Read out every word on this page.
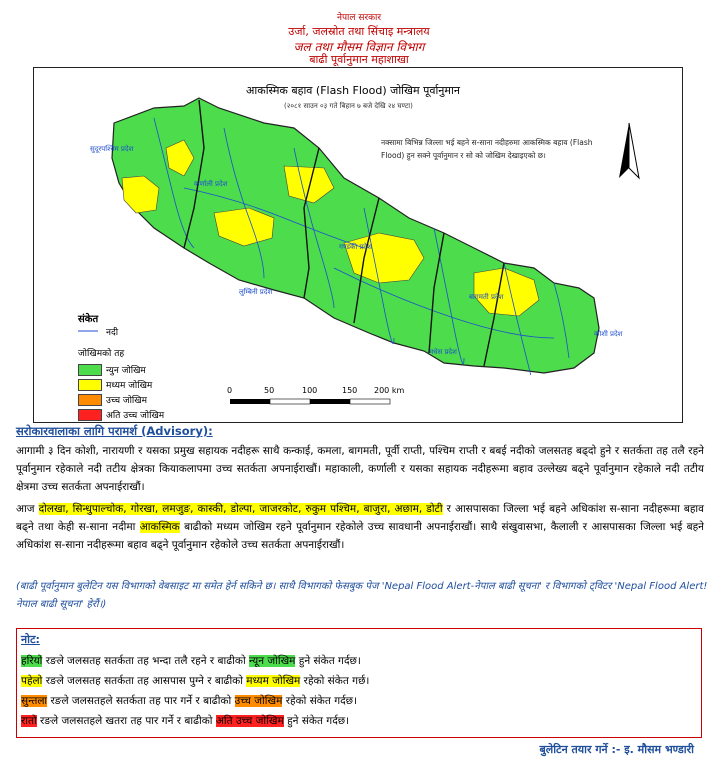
नेपाल सरकार
उर्जा, जलस्रोत तथा सिंचाइ मन्त्रालय
जल तथा मौसम विज्ञान विभाग
बाढी पूर्वानुमान महाशाखा
आकस्मिक बहाव (Flash Flood) जोखिम पूर्वानुमान
(२०८१ साउन ०३ गते बिहान ७ बजे देखि २४ घण्टा)
नक्सामा बिभिन्न जिल्ला भई बहने स-साना नदीहरुमा आकस्मिक बहाव (Flash Flood) हुन सक्ने पूर्वानुमान र सो को जोखिम देखाइएको छ।
सुदूरपश्चिम प्रदेश
कर्णाली प्रदेश
लुम्बिनी प्रदेश
गण्डकी प्रदेश
बागमती प्रदेश
मधेस प्रदेश
कोशी प्रदेश
संकेत
नदी
जोखिमको तह
न्युन जोखिम
मध्यम जोखिम
उच्च जोखिम
अति उच्च जोखिम
0	50	100	150 200 km
सरोकारवालाका लागि परामर्श (Advisory):
आगामी ३ दिन कोशी, नारायणी र यसका प्रमुख सहायक नदीहरू साथै कन्काई, कमला, बागमती, पूर्वी राप्ती, पश्चिम राप्ती र बबई नदीको जलसतह बढ्दो हुने र सतर्कता तह तलै रहने पूर्वानुमान रहेकाले नदी तटीय क्षेत्रका कियाकलापमा उच्च सतर्कता अपनाईराखौं। महाकाली, कर्णाली र यसका सहायक नदीहरूमा बहाव उल्लेख्य बढ्ने पूर्वानुमान रहेकाले नदी तटीय क्षेत्रमा उच्च सतर्कता अपनाईराखौं।
आज दोलखा, सिन्धुपाल्चोक, गोरखा, लमजुङ, कास्की, डोल्पा, जाजरकोट, रुकुम पश्चिम, बाजुरा, अछाम, डोटी र आसपासका जिल्ला भई बहने अधिकांश स-साना नदीहरूमा बहाव बढ्ने तथा केही स-साना नदीमा आकस्मिक बाढीको मध्यम जोखिम रहने पूर्वानुमान रहेकोले उच्च सावधानी अपनाईराखौं। साथै संखुवासभा, कैलाली र आसपासका जिल्ला भई बहने अधिकांश स-साना नदीहरूमा बहाव बढ्ने पूर्वानुमान रहेकोले उच्च सतर्कता अपनाईराखौं।
(बाढी पूर्वानुमान बुलेटिन यस विभागको वेबसाइट मा समेत हेर्न सकिने छ। साथै विभागको फेसबुक पेज 'Nepal Flood Alert-नेपाल बाढी सूचना' र विभागको ट्विटर 'Nepal Flood Alert! नेपाल बाढी सूचना' हेरौं।)
नोट:
हरियो रङले जलसतह सतर्कता तह भन्दा तलै रहने र बाढीको न्यून जोखिम हुने संकेत गर्दछ।
पहेलो रङले जलसतह सतर्कता तह आसपास पुग्ने र बाढीको मध्यम जोखिम रहेको संकेत गर्छ।
सुन्तला रङले जलसतहले सतर्कता तह पार गर्ने र बाढीको उच्च जोखिम रहेको संकेत गर्दछ।
रातो रङले जलसतहले खतरा तह पार गर्ने र बाढीको अति उच्च जोखिम हुने संकेत गर्दछ।
बुलेटिन तयार गर्ने :- इ. मौसम भण्डारी
